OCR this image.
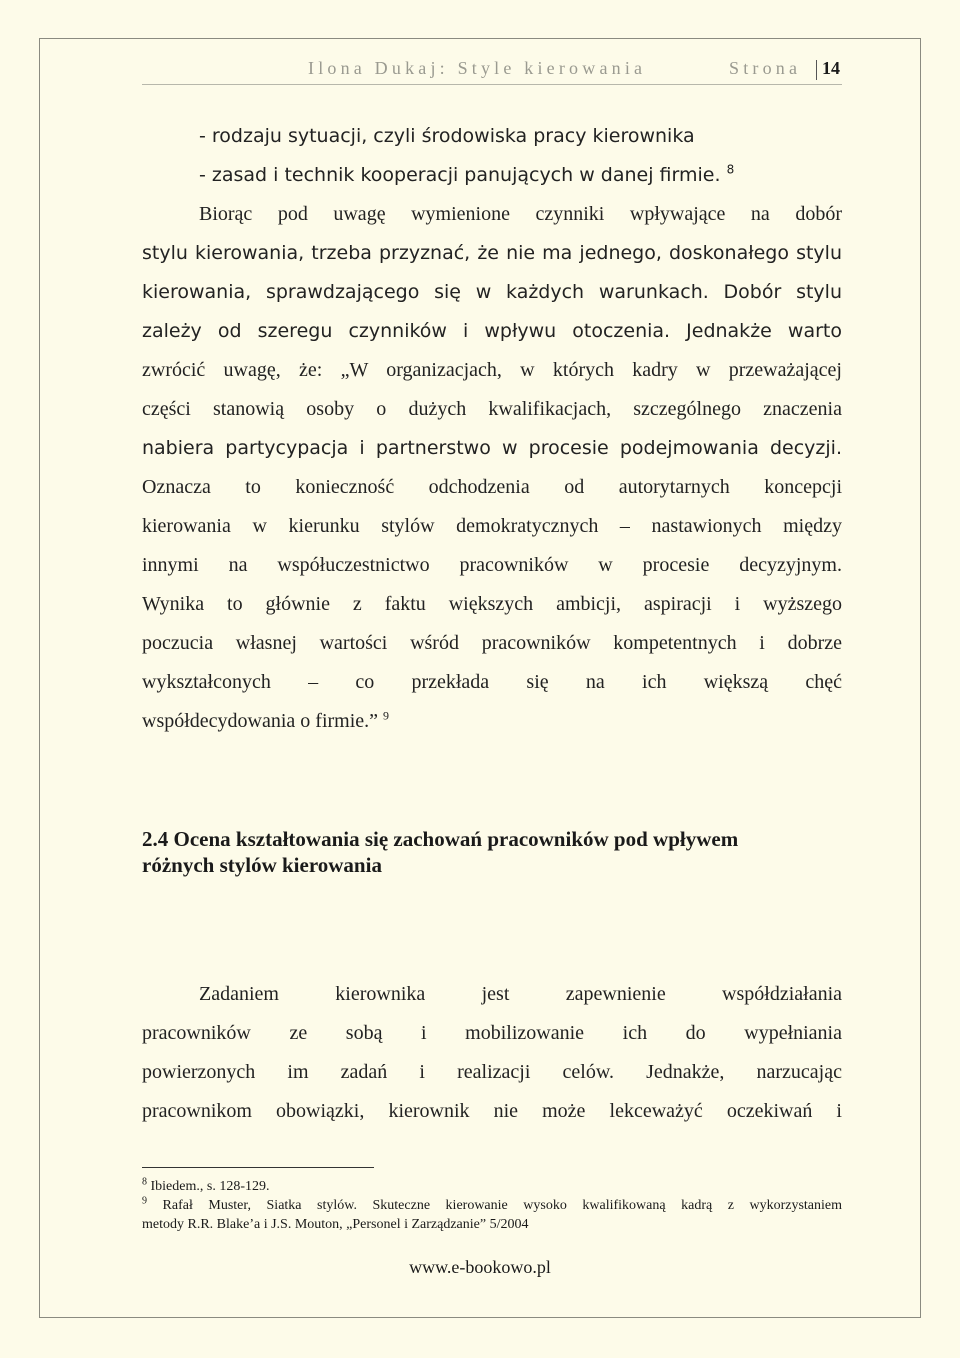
Ilona Dukaj: Style kierowania	Strona 14
- rodzaju sytuacji, czyli środowiska pracy kierownika
- zasad i technik kooperacji panujących w danej firmie. $^8$
Biorąc pod uwagę wymienione czynniki wpływające na dobór
stylu kierowania, trzeba przyznać, że nie ma jednego, doskonałego stylu
kierowania, sprawdzającego się w każdych warunkach. Dobór stylu
zależy od szeregu czynników i wpływu otoczenia. Jednakże warto
zwrócić uwagę, że: „W organizacjach, w których kadry w przeważającej
części stanowią osoby o dużych kwalifikacjach, szczególnego znaczenia
nabiera partycypacja i partnerstwo w procesie podejmowania decyzji.
Oznacza to konieczność odchodzenia od autorytarnych koncepcji
kierowania w kierunku stylów demokratycznych – nastawionych między
innymi na współuczestnictwo pracowników w procesie decyzyjnym.
Wynika to głównie z faktu większych ambicji, aspiracji i wyższego
poczucia własnej wartości wśród pracowników kompetentnych i dobrze
wykształconych – co przekłada się na ich większą chęć
współdecydowania o firmie.” $^9$
2.4 Ocena kształtowania się zachowań pracowników pod wpływem
różnych stylów kierowania
Zadaniem kierownika jest zapewnienie współdziałania
pracowników ze sobą i mobilizowanie ich do wypełniania
powierzonych im zadań i realizacji celów. Jednakże, narzucając
pracownikom obowiązki, kierownik nie może lekceważyć oczekiwań i
$^8$ Ibiedem., s. 128-129.
$^9$ Rafał Muster, Siatka stylów. Skuteczne kierowanie wysoko kwalifikowaną kadrą z wykorzystaniem
metody R.R. Blake’a i J.S. Mouton, „Personel i Zarządzanie” 5/2004
www.e-bookowo.pl
